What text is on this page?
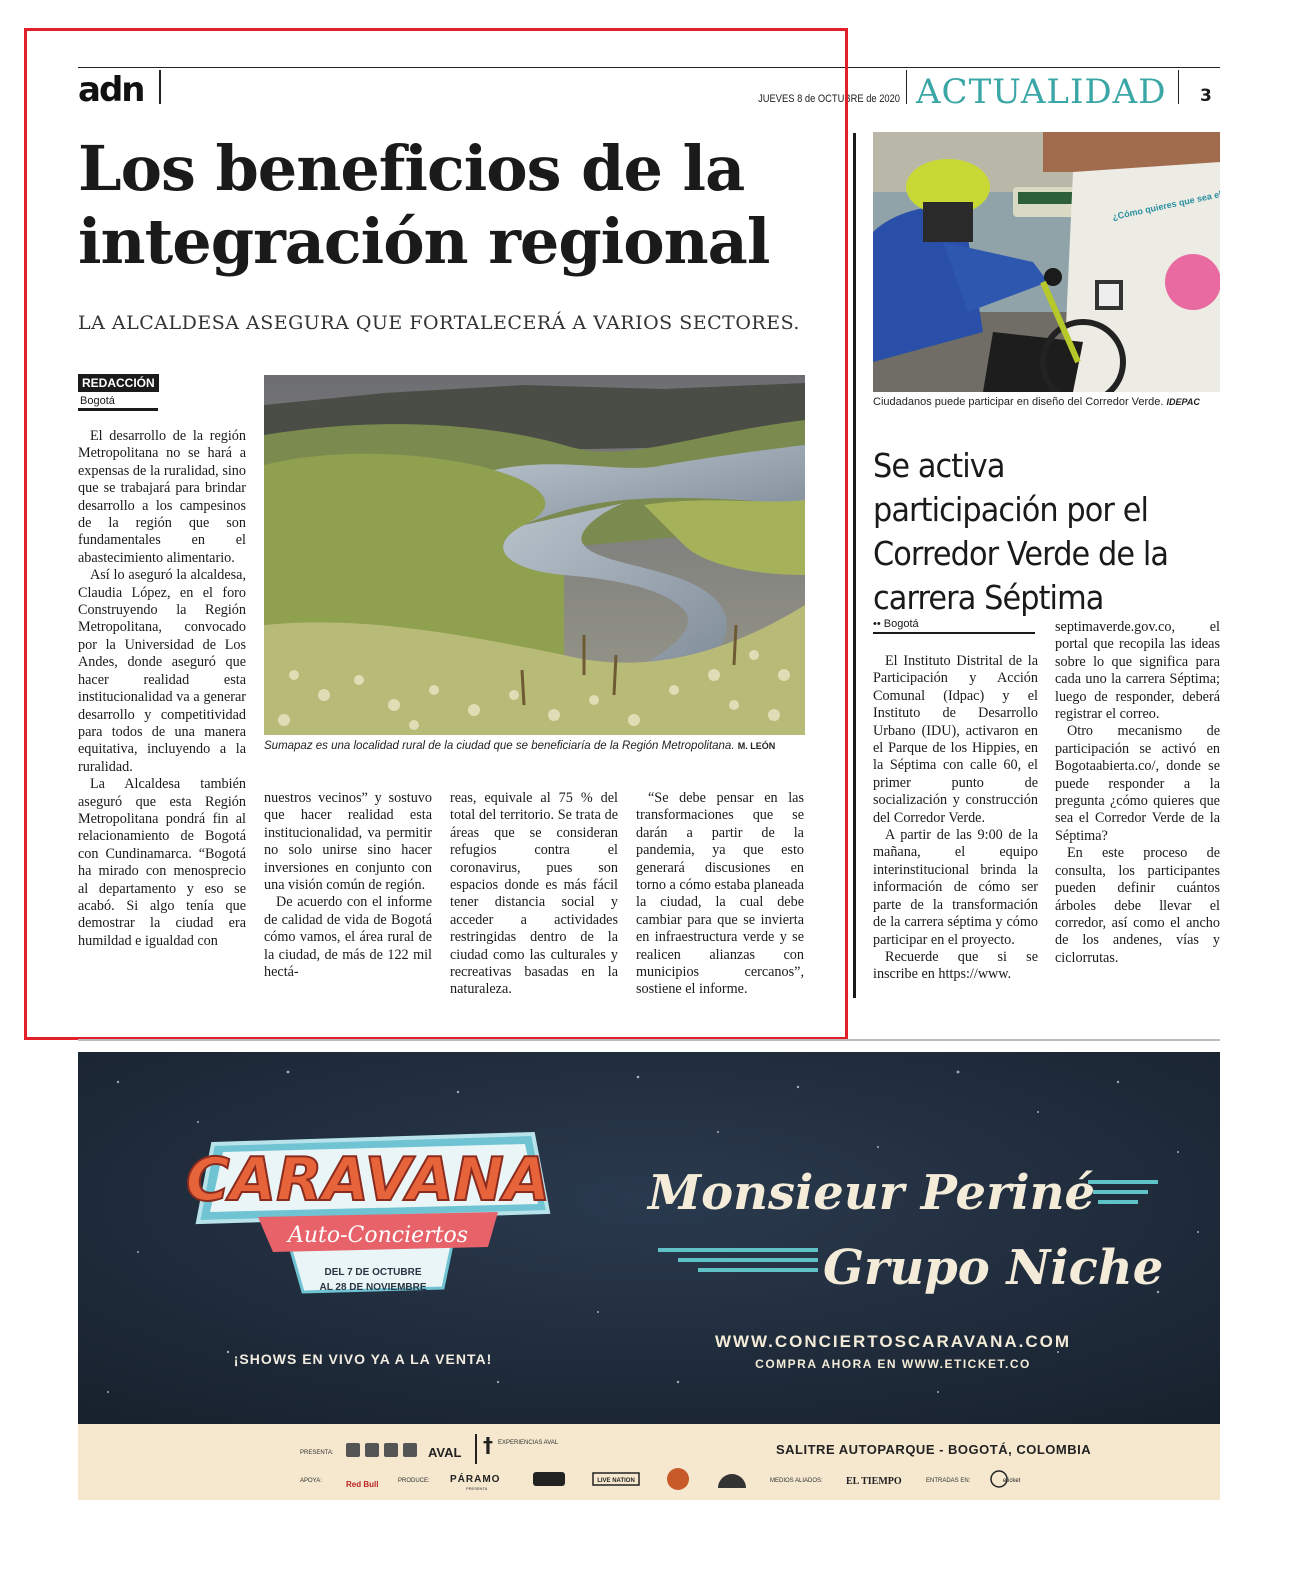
adn	JUEVES 8 de OCTUBRE de 2020 ACTUALIDAD 3
Los beneficios de la
integración regional
LA ALCALDESA ASEGURA QUE FORTALECERÁ A VARIOS SECTORES.
REDACCIÓN
Bogotá

El desarrollo de la región Metropolitana no se hará a expensas de la ruralidad, sino que se trabajará para brindar desarrollo a los campesinos de la región que son fundamentales en el abastecimiento alimentario.

Así lo aseguró la alcaldesa, Claudia López, en el foro Construyendo la Región Metropolitana, convocado por la Universidad de Los Andes, donde aseguró que hacer realidad esta institucionalidad va a generar desarrollo y competitividad para todos de una manera equitativa, incluyendo a la ruralidad.

La Alcaldesa también aseguró que esta Región Metropolitana pondrá fin al relacionamiento de Bogotá con Cundinamarca. “Bogotá ha mirado con menosprecio al departamento y eso se acabó. Si algo tenía que demostrar la ciudad era humildad e igualdad con

Sumapaz es una localidad rural de la ciudad que se beneficiaría de la Región Metropolitana. M. LEÓN

nuestros vecinos” y sostuvo que hacer realidad esta institucionalidad, va permitir no solo unirse sino hacer inversiones en conjunto con una visión común de región.

De acuerdo con el informe de calidad de vida de Bogotá cómo vamos, el área rural de la ciudad, de más de 122 mil hectá-

reas, equivale al 75 % del total del territorio. Se trata de áreas que se consideran refugios contra el coronavirus, pues son espacios donde es más fácil tener distancia social y acceder a actividades restringidas dentro de la ciudad como las culturales y recreativas basadas en la naturaleza.

“Se debe pensar en las transformaciones que se darán a partir de la pandemia, ya que esto generará discusiones en torno a cómo estaba planeada la ciudad, la cual debe cambiar para que se invierta en infraestructura verde y se realicen alianzas con municipios cercanos”, sostiene el informe.

Ciudadanos puede participar en diseño del Corredor Verde. IDEPAC
Se activa participación por el Corredor Verde de la carrera Séptima
•• Bogotá

El Instituto Distrital de la Participación y Acción Comunal (Idpac) y el Instituto de Desarrollo Urbano (IDU), activaron en el Parque de los Hippies, en la Séptima con calle 60, el primer punto de socialización y construcción del Corredor Verde.

A partir de las 9:00 de la mañana, el equipo interinstitucional brinda la información de cómo ser parte de la transformación de la carrera séptima y cómo participar en el proyecto.

Recuerde que si se inscribe en https://www.

septimaverde.gov.co, el portal que recopila las ideas sobre lo que significa para cada uno la carrera Séptima; luego de responder, deberá registrar el correo.

Otro mecanismo de participación se activó en Bogotaabierta.co/, donde se puede responder a la pregunta ¿cómo quieres que sea el Corredor Verde de la Séptima?

En este proceso de consulta, los participantes pueden definir cuántos árboles debe llevar el corredor, así como el ancho de los andenes, vías y ciclorrutas.

CARAVANA
Auto-Conciertos
DEL 7 DE OCTUBRE
AL 28 DE NOVIEMBRE
¡SHOWS EN VIVO YA A LA VENTA!
Monsieur Periné
Grupo Niche
WWW.CONCIERTOSCARAVANA.COM
COMPRA AHORA EN WWW.ETICKET.CO
PRESENTA:	AVAL † EXPERIENCIAS AVAL
APOYA:	Red Bull	PRODUCE: PÁRAMO
PRESENTA
LIVE NATION	MEDIOS ALIADOS: EL TIEMPO	ENTRADAS EN:	eticket
SALITRE AUTOPARQUE - BOGOTÁ, COLOMBIA
